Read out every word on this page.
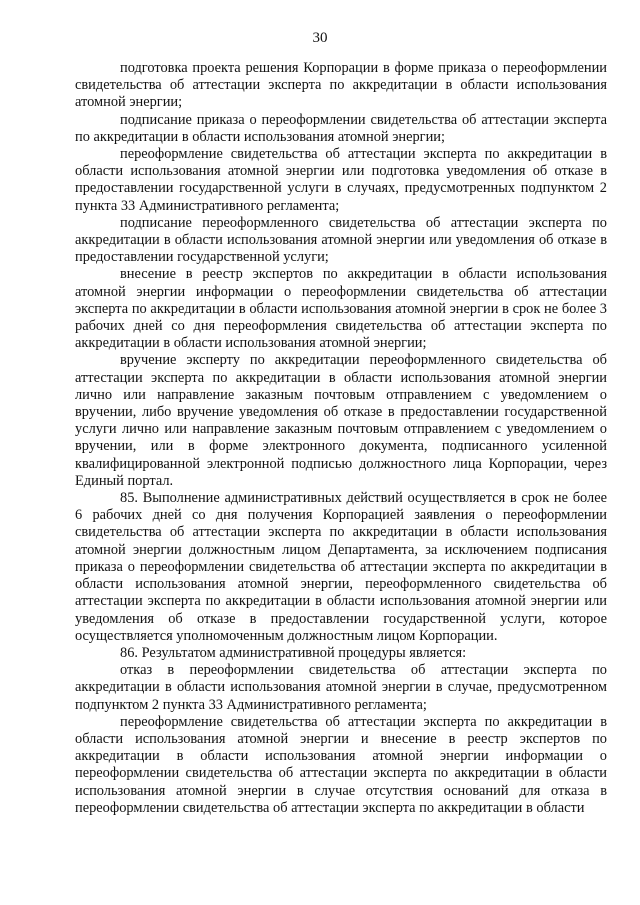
30

подготовка проекта решения Корпорации в форме приказа о переоформлении свидетельства об аттестации эксперта по аккредитации в области использования атомной энергии;

подписание приказа о переоформлении свидетельства об аттестации эксперта по аккредитации в области использования атомной энергии;

переоформление свидетельства об аттестации эксперта по аккредитации в области использования атомной энергии или подготовка уведомления об отказе в предоставлении государственной услуги в случаях, предусмотренных подпунктом 2 пункта 33 Административного регламента;

подписание переоформленного свидетельства об аттестации эксперта по аккредитации в области использования атомной энергии или уведомления об отказе в предоставлении государственной услуги;

внесение в реестр экспертов по аккредитации в области использования атомной энергии информации о переоформлении свидетельства об аттестации эксперта по аккредитации в области использования атомной энергии в срок не более 3 рабочих дней со дня переоформления свидетельства об аттестации эксперта по аккредитации в области использования атомной энергии;

вручение эксперту по аккредитации переоформленного свидетельства об аттестации эксперта по аккредитации в области использования атомной энергии лично или направление заказным почтовым отправлением с уведомлением о вручении, либо вручение уведомления об отказе в предоставлении государственной услуги лично или направление заказным почтовым отправлением с уведомлением о вручении, или в форме электронного документа, подписанного усиленной квалифицированной электронной подписью должностного лица Корпорации, через Единый портал.

85. Выполнение административных действий осуществляется в срок не более 6 рабочих дней со дня получения Корпорацией заявления о переоформлении свидетельства об аттестации эксперта по аккредитации в области использования атомной энергии должностным лицом Департамента, за исключением подписания приказа о переоформлении свидетельства об аттестации эксперта по аккредитации в области использования атомной энергии, переоформленного свидетельства об аттестации эксперта по аккредитации в области использования атомной энергии или уведомления об отказе в предоставлении государственной услуги, которое осуществляется уполномоченным должностным лицом Корпорации.

86. Результатом административной процедуры является:

отказ в переоформлении свидетельства об аттестации эксперта по аккредитации в области использования атомной энергии в случае, предусмотренном подпунктом 2 пункта 33 Административного регламента;

переоформление свидетельства об аттестации эксперта по аккредитации в области использования атомной энергии и внесение в реестр экспертов по аккредитации в области использования атомной энергии информации о переоформлении свидетельства об аттестации эксперта по аккредитации в области использования атомной энергии в случае отсутствия оснований для отказа в переоформлении свидетельства об аттестации эксперта по аккредитации в области
